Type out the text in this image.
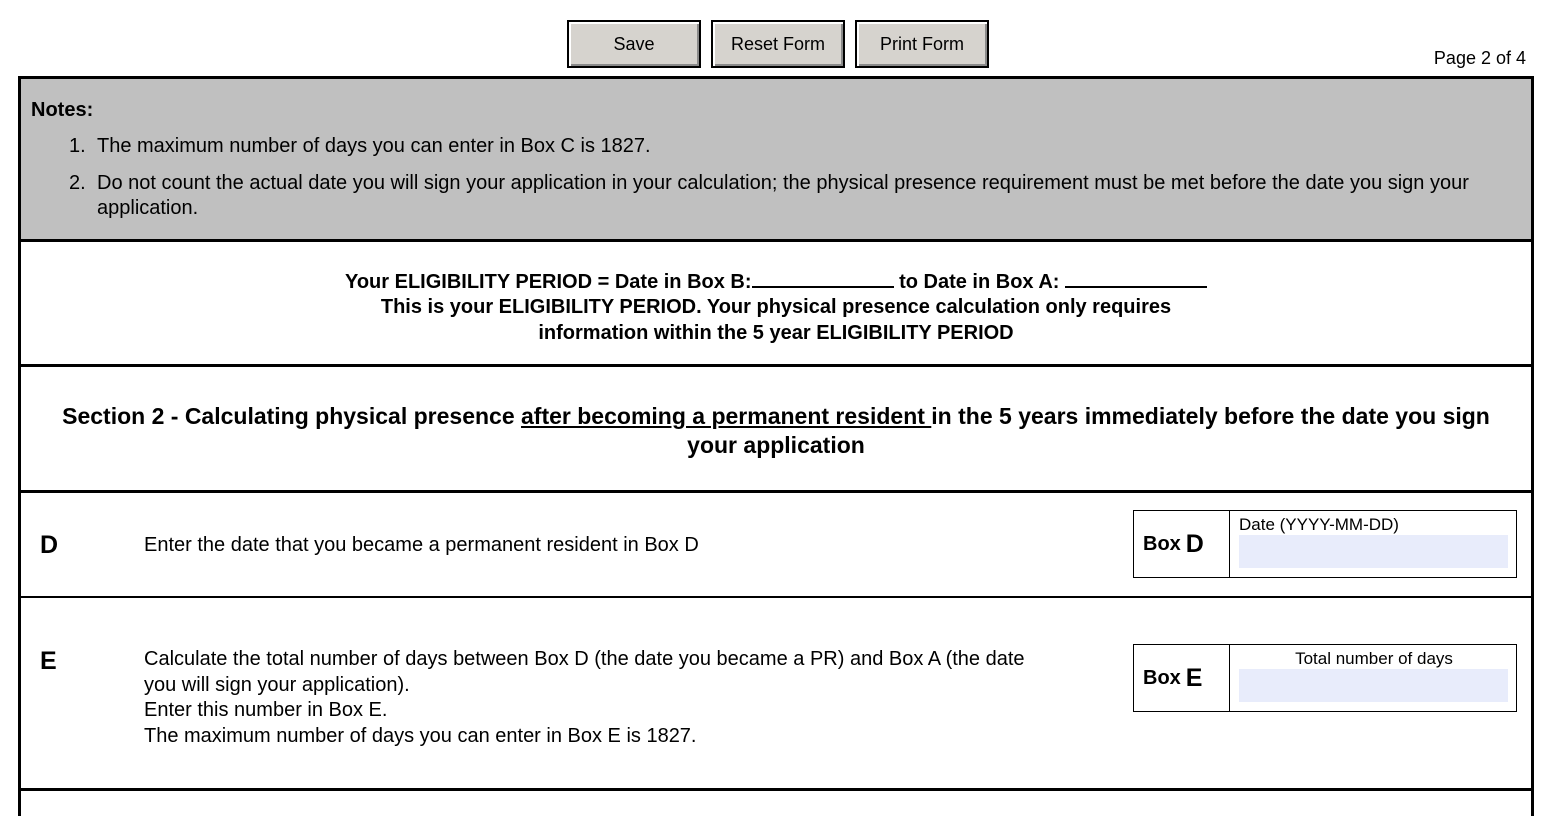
Save	Reset Form	Print Form
Page 2 of 4
Notes:
1. The maximum number of days you can enter in Box C is 1827.
2. Do not count the actual date you will sign your application in your calculation; the physical presence requirement must be met before the date you sign your application.
Your ELIGIBILITY PERIOD = Date in Box B:	to Date in Box A:
This is your ELIGIBILITY PERIOD. Your physical presence calculation only requires
information within the 5 year ELIGIBILITY PERIOD
Section 2 - Calculating physical presence after becoming a permanent resident in the 5 years immediately before the date you sign
your application
D	Enter the date that you became a permanent resident in Box D	Box D
Date (YYYY-MM-DD)
E	Calculate the total number of days between Box D (the date you became a PR) and Box A (the date
you will sign your application).
Enter this number in Box E.
The maximum number of days you can enter in Box E is 1827.
Box E
Total number of days
